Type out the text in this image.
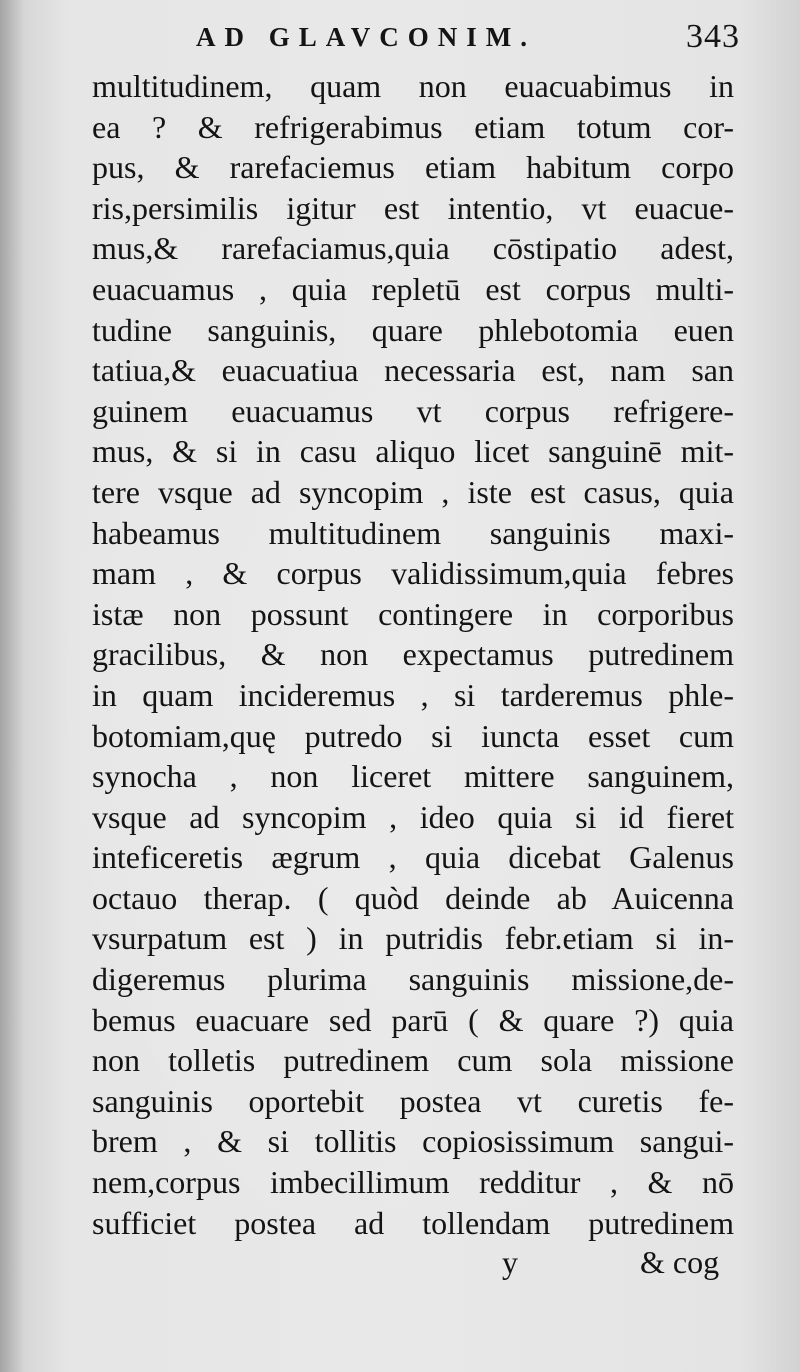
AD GLAVCONIM.	343
multitudinem, quam non euacuabimus in
ea ? & refrigerabimus etiam totum cor-
pus, & rarefaciemus etiam habitum corpo
ris,persimilis igitur est intentio, vt euacue-
mus,& rarefaciamus,quia cōstipatio adest,
euacuamus , quia repletū est corpus multi-
tudine sanguinis, quare phlebotomia euen
tatiua,& euacuatiua necessaria est, nam san
guinem euacuamus vt corpus refrigere-
mus, & si in casu aliquo licet sanguinē mit-
tere vsque ad syncopim , iste est casus, quia
habeamus multitudinem sanguinis maxi-
mam , & corpus validissimum,quia febres
istæ non possunt contingere in corporibus
gracilibus, & non expectamus putredinem
in quam incideremus , si tarderemus phle-
botomiam,quę putredo si iuncta esset cum
synocha , non liceret mittere sanguinem,
vsque ad syncopim , ideo quia si id fieret
inteficeretis ægrum , quia dicebat Galenus
octauo therap. ( quòd deinde ab Auicenna
vsurpatum est ) in putridis febr.etiam si in-
digeremus plurima sanguinis missione,de-
bemus euacuare sed parū ( & quare ?) quia
non tolletis putredinem cum sola missione
sanguinis oportebit postea vt curetis fe-
brem , & si tollitis copiosissimum sangui-
nem,corpus imbecillimum redditur , & nō
sufficiet postea ad tollendam putredinem
y	& cog
